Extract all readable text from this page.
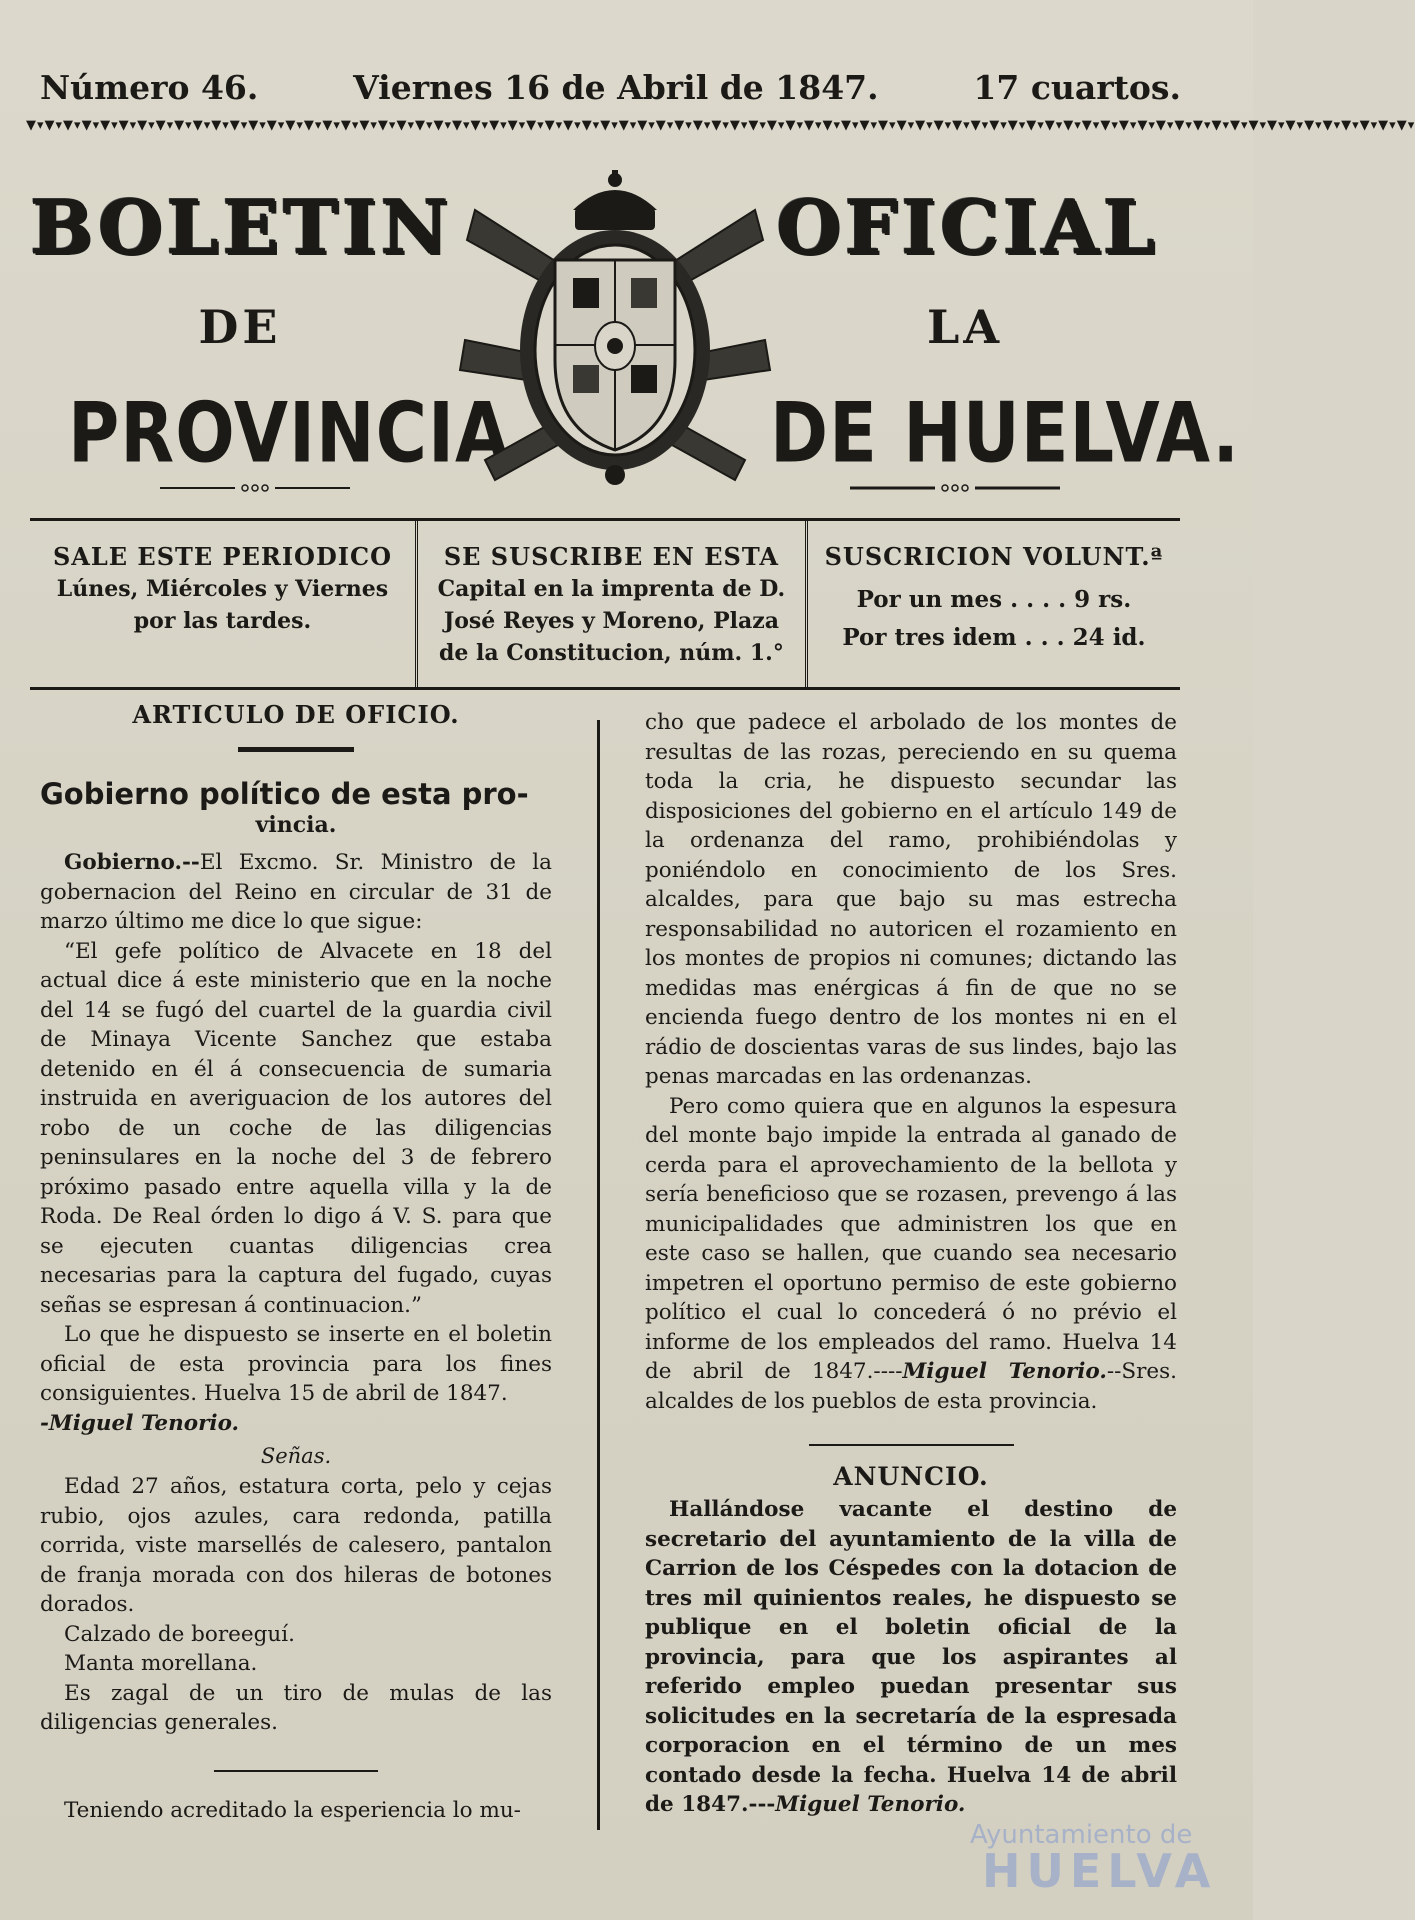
Número 46.	Viernes 16 de Abril de 1847.	17 cuartos.
▼▾▼▾▼▾▼▾▼▾▼▾▼▾▼▾▼▾▼▾▼▾▼▾▼▾▼▾▼▾▼▾▼▾▼▾▼▾▼▾▼▾▼▾▼▾▼▾▼▾▼▾▼▾▼▾▼▾▼▾▼▾▼▾▼▾▼▾▼▾▼▾▼▾▼▾▼▾▼▾▼▾▼▾▼▾▼▾▼▾▼▾▼▾▼▾▼▾▼▾▼▾▼▾▼▾▼▾▼▾▼▾▼▾▼▾▼▾▼▾▼▾▼▾▼▾▼▾▼▾▼▾▼▾▼▾▼▾▼▾▼▾▼▾▼▾▼▾▼▾
BOLETIN	OFICIAL
DE	LA
PROVINCIA	DE HUELVA.
SALE ESTE PERIODICO
Lúnes, Miércoles y Viernes
por las tardes.
SE SUSCRIBE EN ESTA
Capital en la imprenta de D.
José Reyes y Moreno, Plaza
de la Constitucion, núm. 1.°
SUSCRICION VOLUNT.ª
Por un mes . . . . 9 rs.
Por tres idem . . . 24 id.
ARTICULO DE OFICIO.
Gobierno político de esta pro-
vincia.

Gobierno.--El Excmo. Sr. Ministro de la gobernacion del Reino en circular de 31 de marzo último me dice lo que sigue:

“El gefe político de Alvacete en 18 del actual dice á este ministerio que en la noche del 14 se fugó del cuartel de la guardia civil de Minaya Vicente Sanchez que estaba detenido en él á consecuencia de sumaria instruida en averiguacion de los autores del robo de un coche de las diligencias peninsulares en la noche del 3 de febrero próximo pasado entre aquella villa y la de Roda. De Real órden lo digo á V. S. para que se ejecuten cuantas diligencias crea necesarias para la captura del fugado, cuyas señas se espresan á continuacion.”

Lo que he dispuesto se inserte en el boletin oficial de esta provincia para los fines consiguientes. Huelva 15 de abril de 1847.
-Miguel Tenorio.

Señas.

Edad 27 años, estatura corta, pelo y cejas rubio, ojos azules, cara redonda, patilla corrida, viste marsellés de calesero, pantalon de franja morada con dos hileras de botones dorados.

Calzado de boreeguí.

Manta morellana.

Es zagal de un tiro de mulas de las diligencias generales.

Teniendo acreditado la esperiencia lo mu-

cho que padece el arbolado de los montes de resultas de las rozas, pereciendo en su quema toda la cria, he dispuesto secundar las disposiciones del gobierno en el artículo 149 de la ordenanza del ramo, prohibiéndolas y poniéndolo en conocimiento de los Sres. alcaldes, para que bajo su mas estrecha responsabilidad no autoricen el rozamiento en los montes de propios ni comunes; dictando las medidas mas enérgicas á fin de que no se encienda fuego dentro de los montes ni en el rádio de doscientas varas de sus lindes, bajo las penas marcadas en las ordenanzas.

Pero como quiera que en algunos la espesura del monte bajo impide la entrada al ganado de cerda para el aprovechamiento de la bellota y sería beneficioso que se rozasen, prevengo á las municipalidades que administren los que en este caso se hallen, que cuando sea necesario impetren el oportuno permiso de este gobierno político el cual lo concederá ó no prévio el informe de los empleados del ramo. Huelva 14 de abril de 1847.----Miguel Tenorio.--Sres. alcaldes de los pueblos de esta provincia.

ANUNCIO.

Hallándose vacante el destino de secretario del ayuntamiento de la villa de Carrion de los Céspedes con la dotacion de tres mil quinientos reales, he dispuesto se publique en el boletin oficial de la provincia, para que los aspirantes al referido empleo puedan presentar sus solicitudes en la secretaría de la espresada corporacion en el término de un mes contado desde la fecha. Huelva 14 de abril de 1847.---Miguel Tenorio.

Ayuntamiento de
HUELVA
